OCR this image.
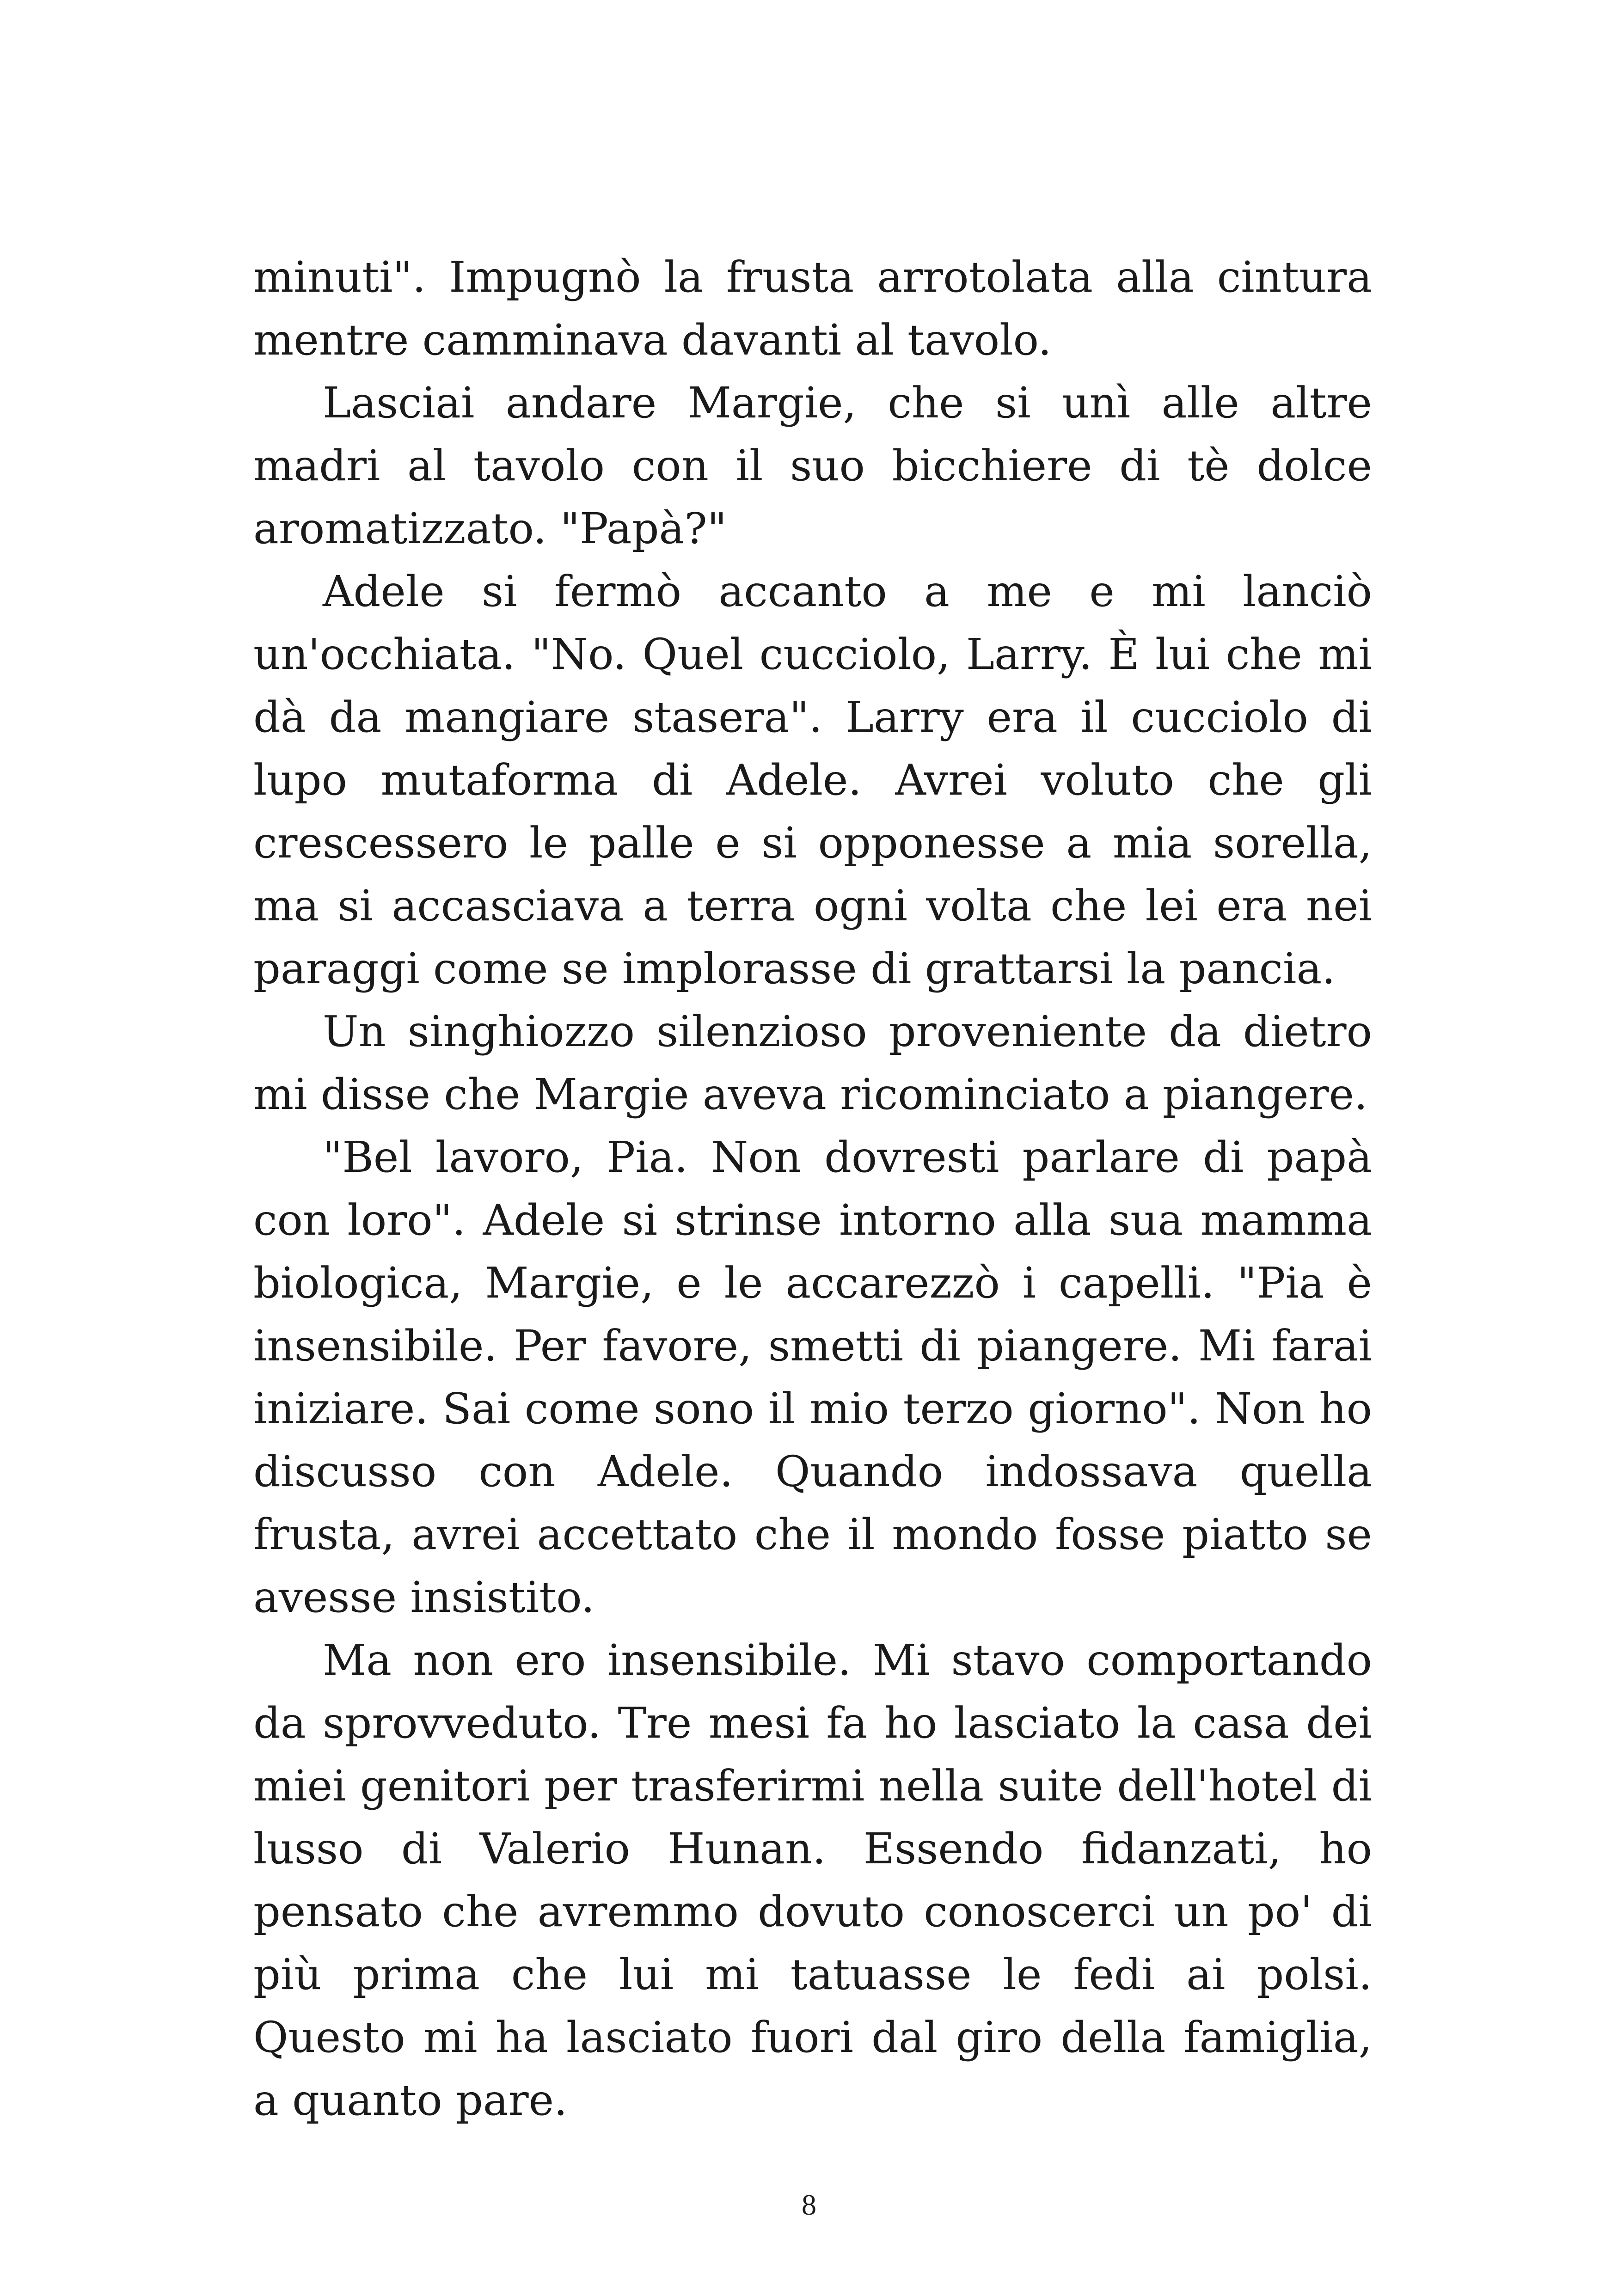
minuti". Impugnò la frusta arrotolata alla cintura mentre camminava davanti al tavolo.

Lasciai andare Margie, che si unì alle altre madri al tavolo con il suo bicchiere di tè dolce aromatizzato. "Papà?"

Adele si fermò accanto a me e mi lanciò un'occhiata. "No. Quel cucciolo, Larry. È lui che mi dà da mangiare stasera". Larry era il cucciolo di lupo mutaforma di Adele. Avrei voluto che gli crescessero le palle e si opponesse a mia sorella, ma si accasciava a terra ogni volta che lei era nei paraggi come se implorasse di grattarsi la pancia.

Un singhiozzo silenzioso proveniente da dietro mi disse che Margie aveva ricominciato a piangere.

"Bel lavoro, Pia. Non dovresti parlare di papà con loro". Adele si strinse intorno alla sua mamma biologica, Margie, e le accarezzò i capelli. "Pia è insensibile. Per favore, smetti di piangere. Mi farai iniziare. Sai come sono il mio terzo giorno". Non ho discusso con Adele. Quando indossava quella frusta, avrei accettato che il mondo fosse piatto se avesse insistito.

Ma non ero insensibile. Mi stavo comportando da sprovveduto. Tre mesi fa ho lasciato la casa dei miei genitori per trasferirmi nella suite dell'hotel di lusso di Valerio Hunan. Essendo fidanzati, ho pensato che avremmo dovuto conoscerci un po' di più prima che lui mi tatuasse le fedi ai polsi. Questo mi ha lasciato fuori dal giro della famiglia, a quanto pare.

8
